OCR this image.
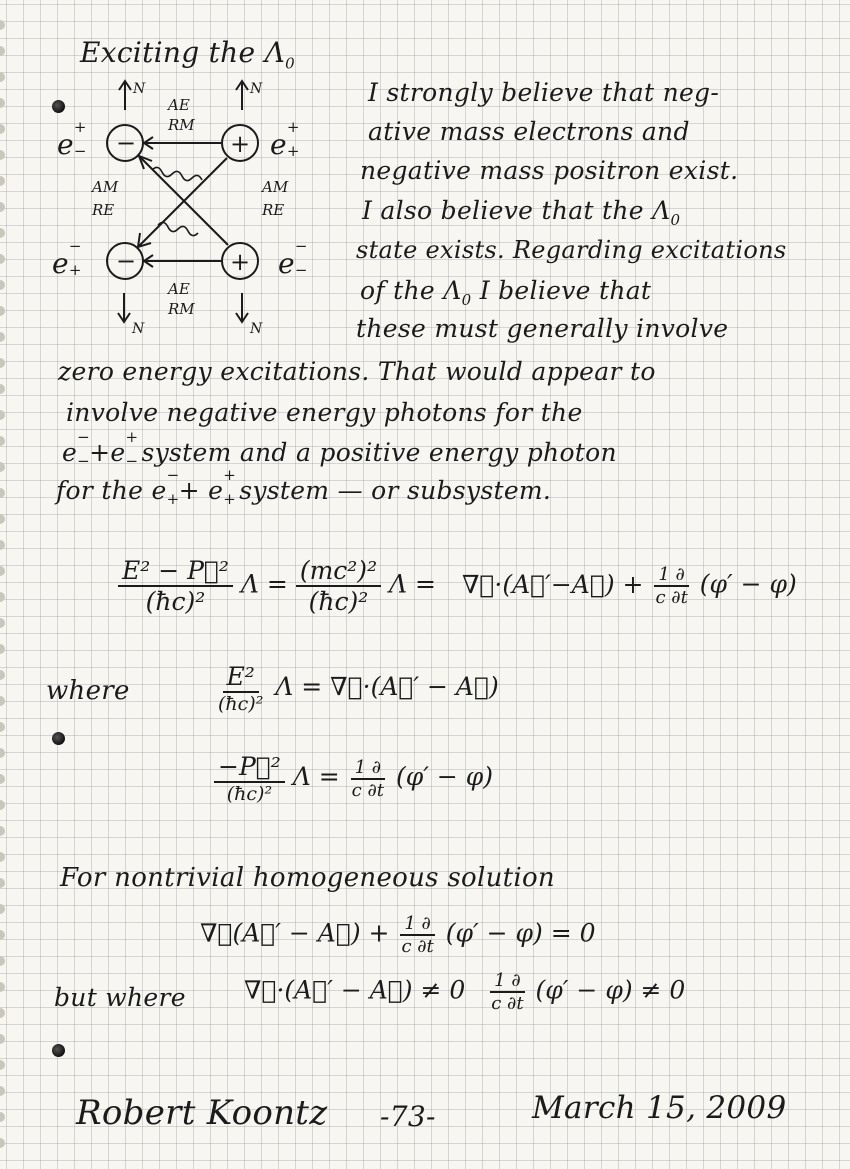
Exciting the $\Lambda_0$
N	N
−	+
−	+
AE
RM
AE
RM
AM
RE
AM
RE
N	N
e
+
−	e
+
+
e
−
+	e
−
−
I strongly believe that neg-
ative mass electrons and
negative mass positron exist.
I also believe that the $\Lambda_0$
state exists. Regarding excitations
of the $\Lambda_0$ I believe that
these must generally involve
zero energy excitations. That would appear to
involve negative energy photons for the
e
−
− +e
+
− system and a positive energy photon
for the e
−
+ + e
+
+ system — or subsystem.
$\frac{\text{E² − P⃗²}}{\text{(ħc)²}}$ $\Lambda = \frac{\text{(mc²)²}}{\text{(ħc)²}}$ Λ = ∇⃗·(A⃗′−A⃗) + $\frac{1 \partial}{c \partial t} (\varphi' - \varphi)$
where	$\frac{\text{E²}}{\text{(ħc)²}}$ Λ = ∇⃗·(A⃗′ − A⃗)
$\frac{\text{−P⃗²}}{\text{(ħc)²}}$ $\Lambda = \frac{1 \partial}{c \partial t} (\varphi' - \varphi)$
For nontrivial homogeneous solution
∇⃗(A⃗′ − A⃗) + $\frac{1 \partial}{c \partial t} (\varphi' - \varphi) = 0$
but where ∇⃗·(A⃗′ − A⃗) ≠ $0 \frac{1 \partial}{c \partial t} (\varphi' - \varphi) \ne 0$
Robert Koontz -73-	March 15, 2009
